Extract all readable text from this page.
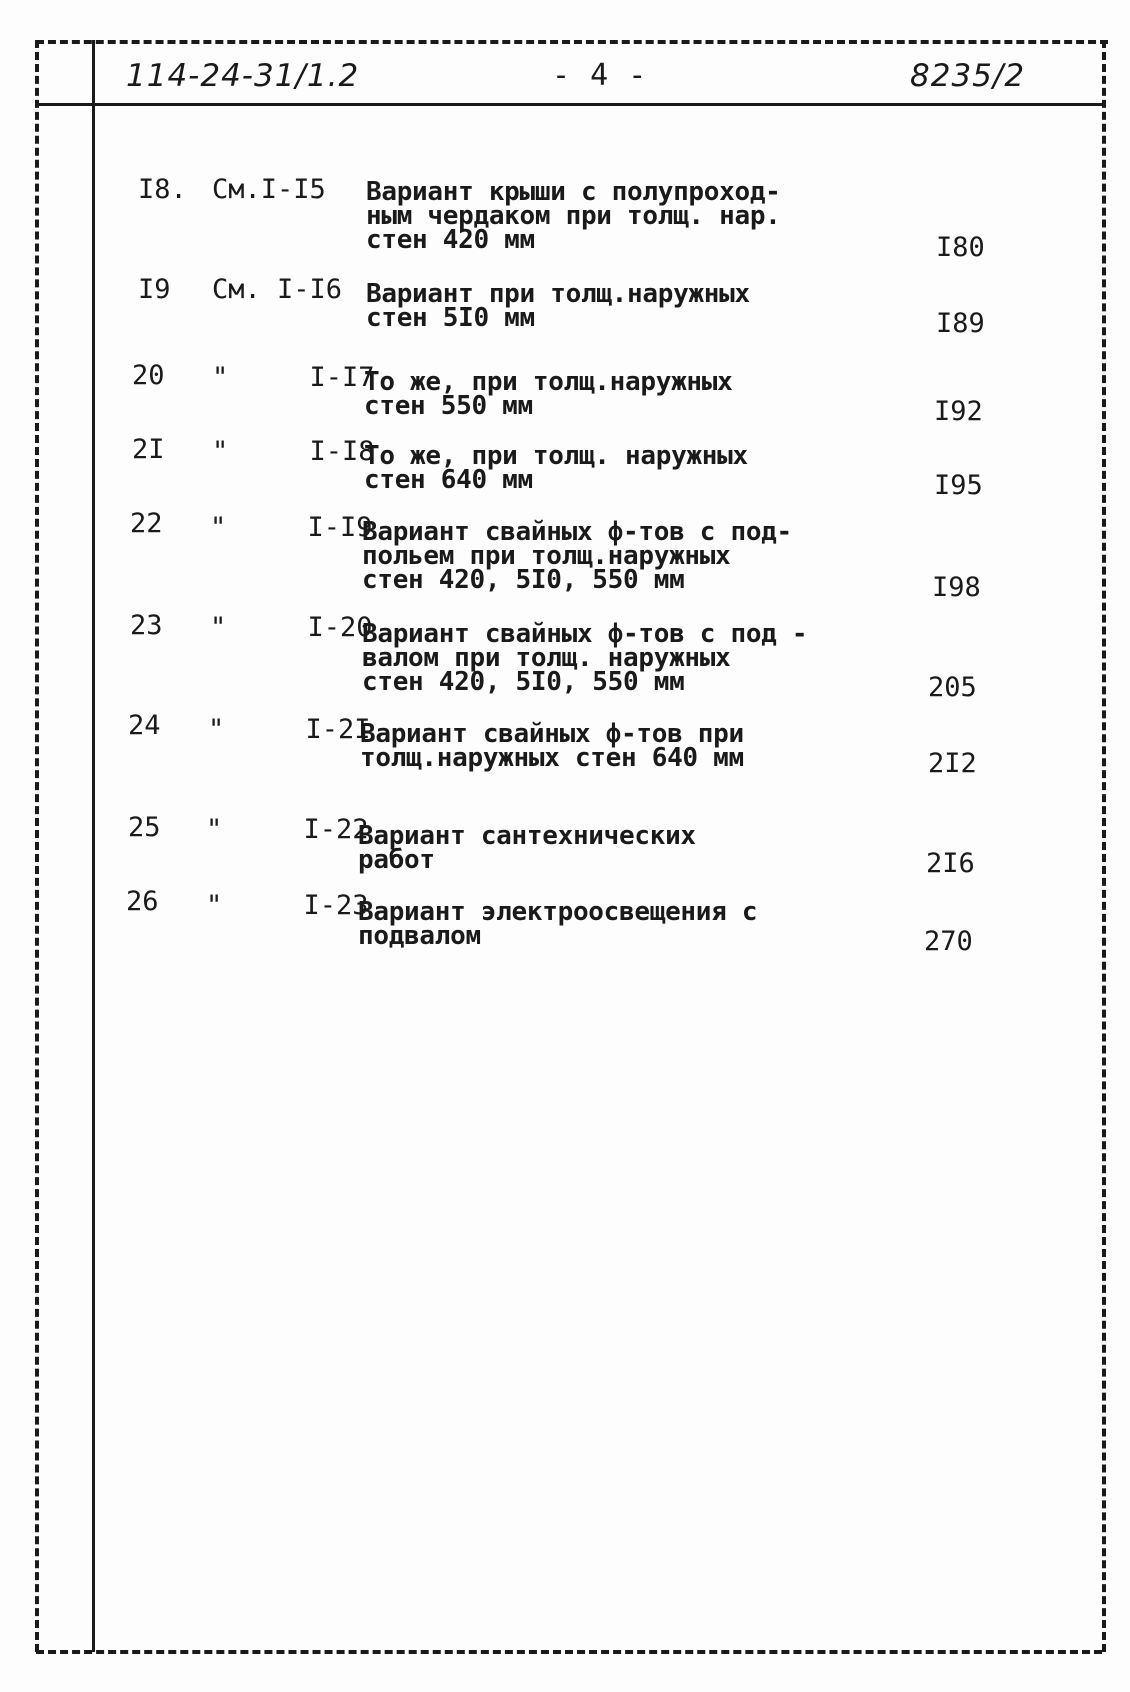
114-24-31/1.2	- 4 -	8235/2
I8. См.I-I5 Вариант крыши с полупроход-
ным чердаком при толщ. нар.
стен 420 мм	I80
I9 См. I-I6 Вариант при толщ.наружных
стен 5I0 мм	I89
20 "     I-I7
То же, при толщ.наружных
стен 550 мм	I92
2I "     I-I8
То же, при толщ. наружных
стен 640 мм	I95
22 "     I-I9
Вариант свайных ф-тов с под-
польем при толщ.наружных
стен 420, 5I0, 550 мм	I98
23 "     I-20
Вариант свайных ф-тов с под -
валом при толщ. наружных
стен 420, 5I0, 550 мм	205
24 "     I-2I
Вариант свайных ф-тов при
толщ.наружных стен 640 мм	2I2
25 "     I-22
Вариант сантехнических
работ	2I6
26 "     I-23
Вариант электроосвещения с
подвалом	270
